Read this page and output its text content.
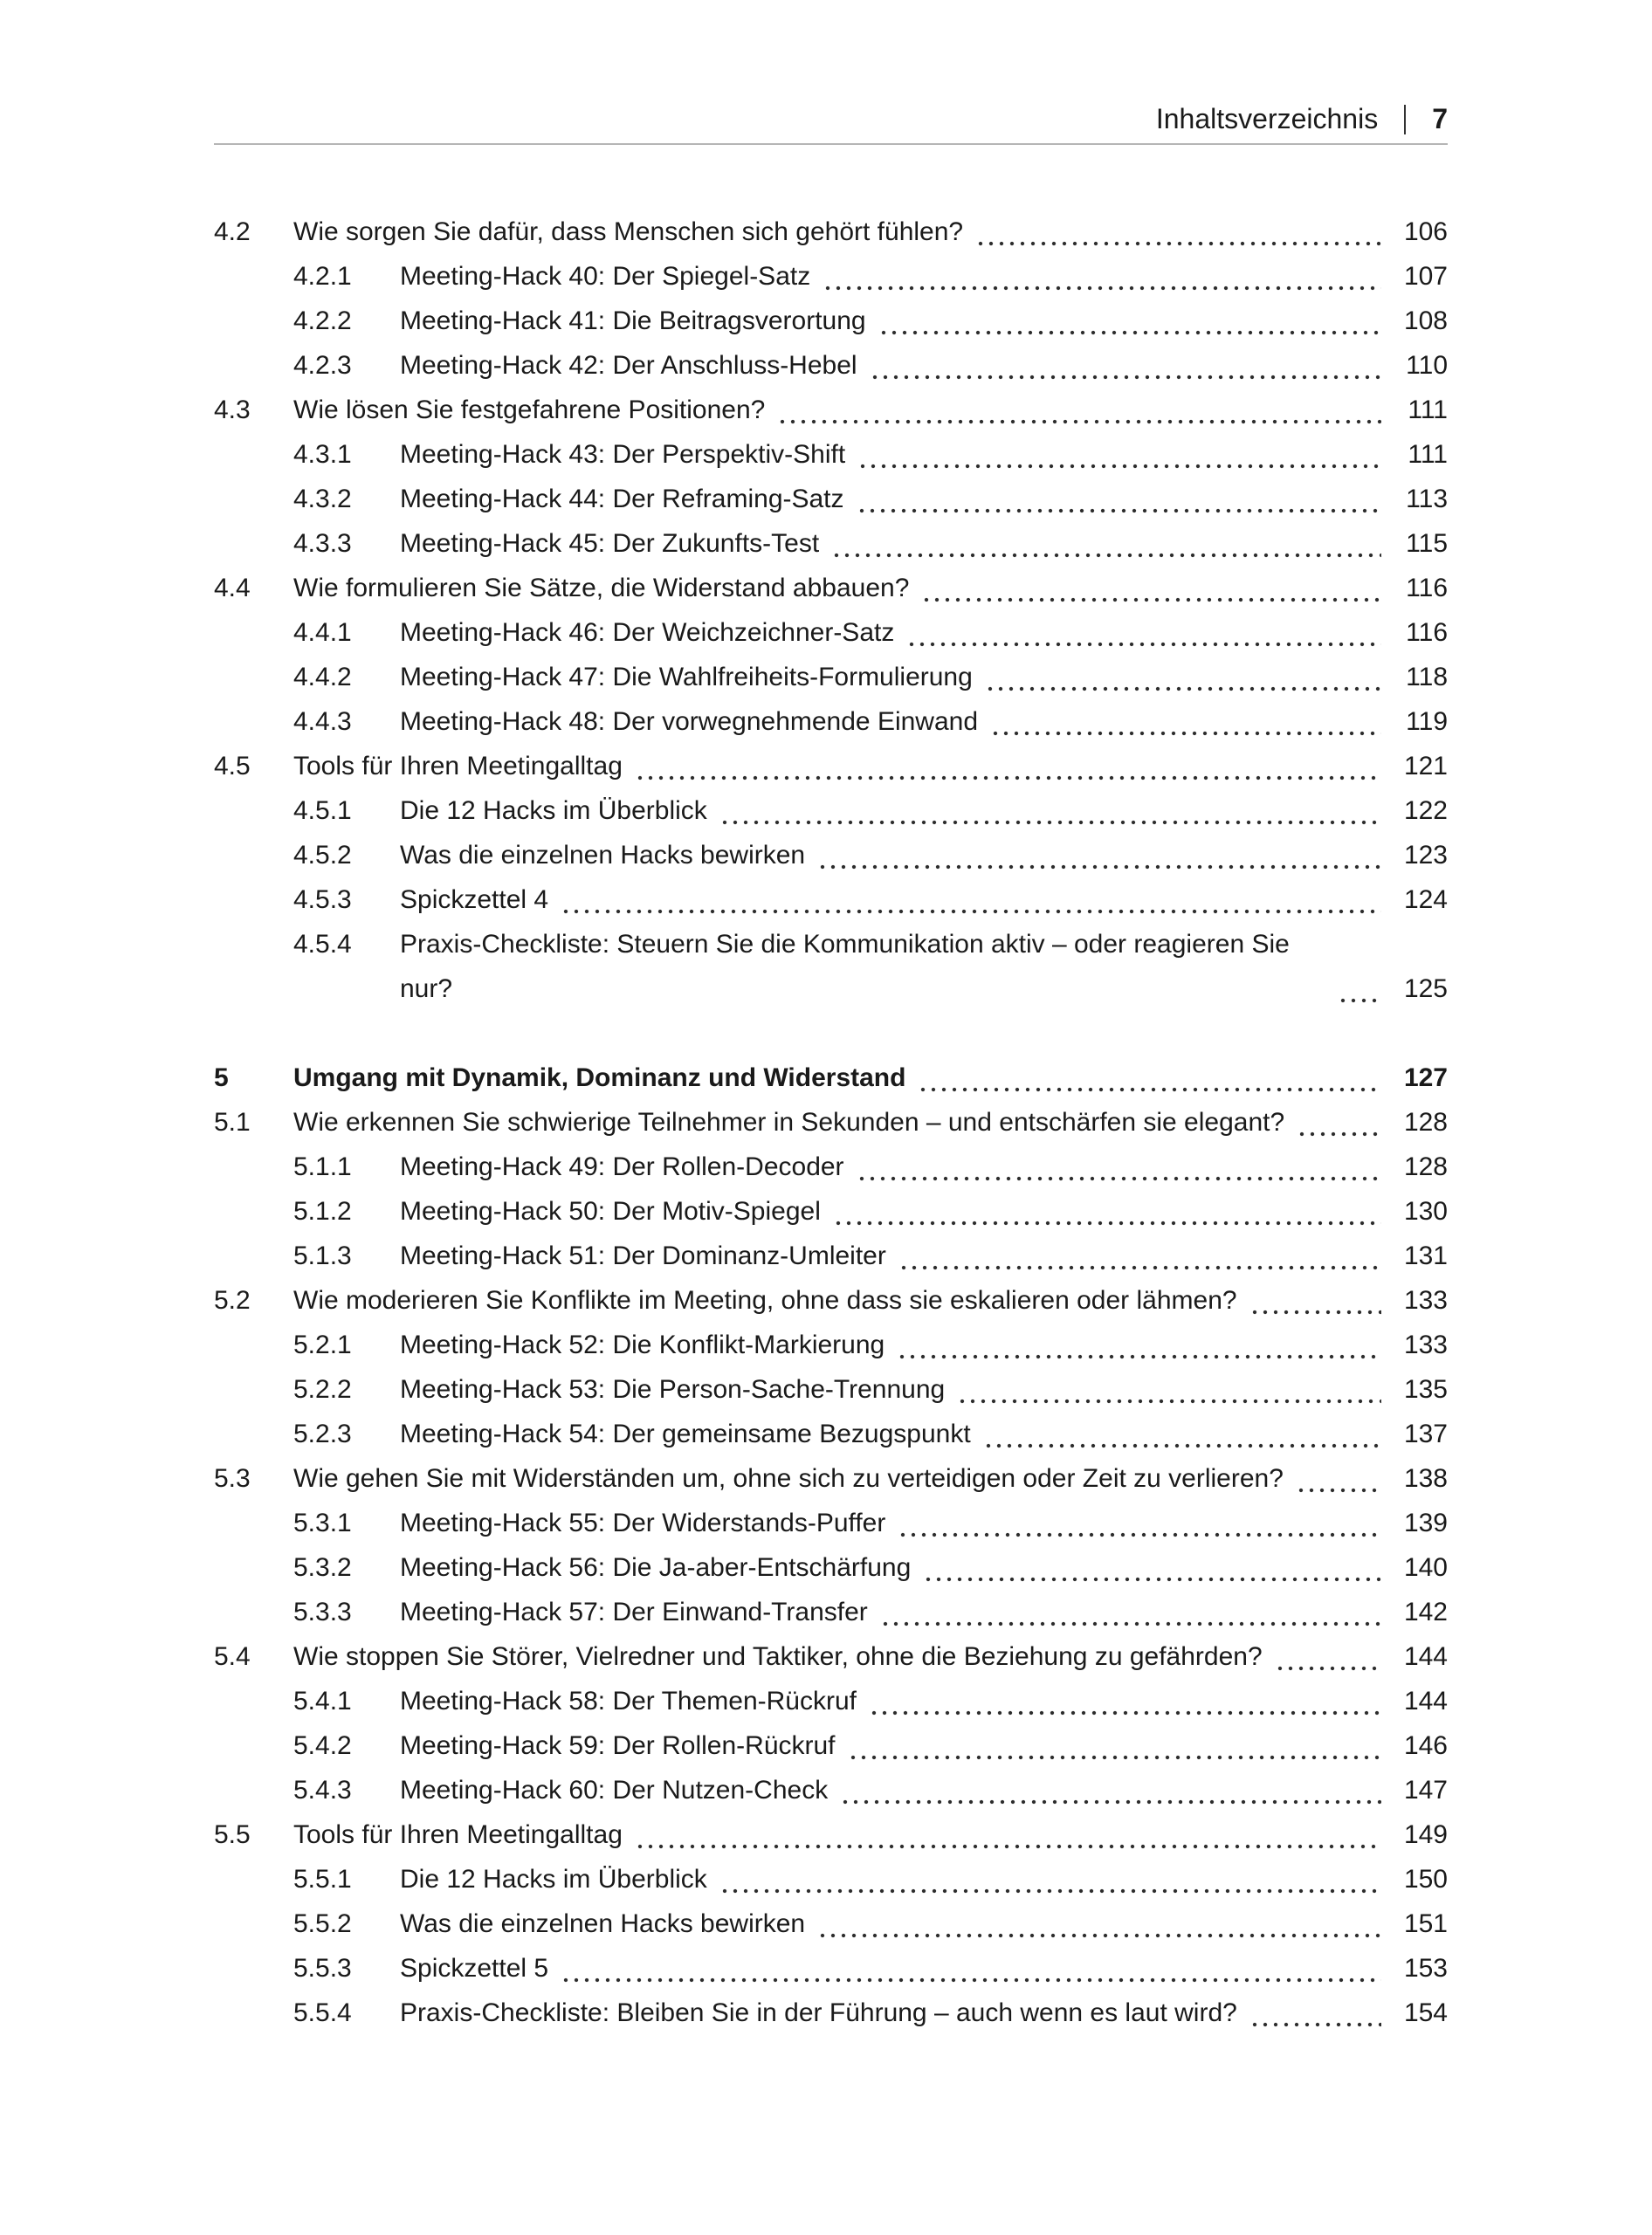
Inhaltsverzeichnis 7
4.2 Wie sorgen Sie dafür, dass Menschen sich gehört fühlen?	106
4.2.1 Meeting-Hack 40: Der Spiegel-Satz	107
4.2.2 Meeting-Hack 41: Die Beitragsverortung	108
4.2.3 Meeting-Hack 42: Der Anschluss-Hebel	110
4.3 Wie lösen Sie festgefahrene Positionen?	111
4.3.1 Meeting-Hack 43: Der Perspektiv-Shift	111
4.3.2 Meeting-Hack 44: Der Reframing-Satz	113
4.3.3 Meeting-Hack 45: Der Zukunfts-Test	115
4.4 Wie formulieren Sie Sätze, die Widerstand abbauen?	116
4.4.1 Meeting-Hack 46: Der Weichzeichner-Satz	116
4.4.2 Meeting-Hack 47: Die Wahlfreiheits-Formulierung	118
4.4.3 Meeting-Hack 48: Der vorwegnehmende Einwand	119
4.5 Tools für Ihren Meetingalltag	121
4.5.1 Die 12 Hacks im Überblick	122
4.5.2 Was die einzelnen Hacks bewirken	123
4.5.3 Spickzettel 4	124
4.5.4 Praxis-Checkliste: Steuern Sie die Kommunikation aktiv – oder reagieren Sie nur?	125
5 Umgang mit Dynamik, Dominanz und Widerstand	127
5.1 Wie erkennen Sie schwierige Teilnehmer in Sekunden – und entschärfen sie elegant?	128
5.1.1 Meeting-Hack 49: Der Rollen-Decoder	128
5.1.2 Meeting-Hack 50: Der Motiv-Spiegel	130
5.1.3 Meeting-Hack 51: Der Dominanz-Umleiter	131
5.2 Wie moderieren Sie Konflikte im Meeting, ohne dass sie eskalieren oder lähmen?	133
5.2.1 Meeting-Hack 52: Die Konflikt-Markierung	133
5.2.2 Meeting-Hack 53: Die Person-Sache-Trennung	135
5.2.3 Meeting-Hack 54: Der gemeinsame Bezugspunkt	137
5.3 Wie gehen Sie mit Widerständen um, ohne sich zu verteidigen oder Zeit zu verlieren?	138
5.3.1 Meeting-Hack 55: Der Widerstands-Puffer	139
5.3.2 Meeting-Hack 56: Die Ja-aber-Entschärfung	140
5.3.3 Meeting-Hack 57: Der Einwand-Transfer	142
5.4 Wie stoppen Sie Störer, Vielredner und Taktiker, ohne die Beziehung zu gefährden?	144
5.4.1 Meeting-Hack 58: Der Themen-Rückruf	144
5.4.2 Meeting-Hack 59: Der Rollen-Rückruf	146
5.4.3 Meeting-Hack 60: Der Nutzen-Check	147
5.5 Tools für Ihren Meetingalltag	149
5.5.1 Die 12 Hacks im Überblick	150
5.5.2 Was die einzelnen Hacks bewirken	151
5.5.3 Spickzettel 5	153
5.5.4 Praxis-Checkliste: Bleiben Sie in der Führung – auch wenn es laut wird?	154
